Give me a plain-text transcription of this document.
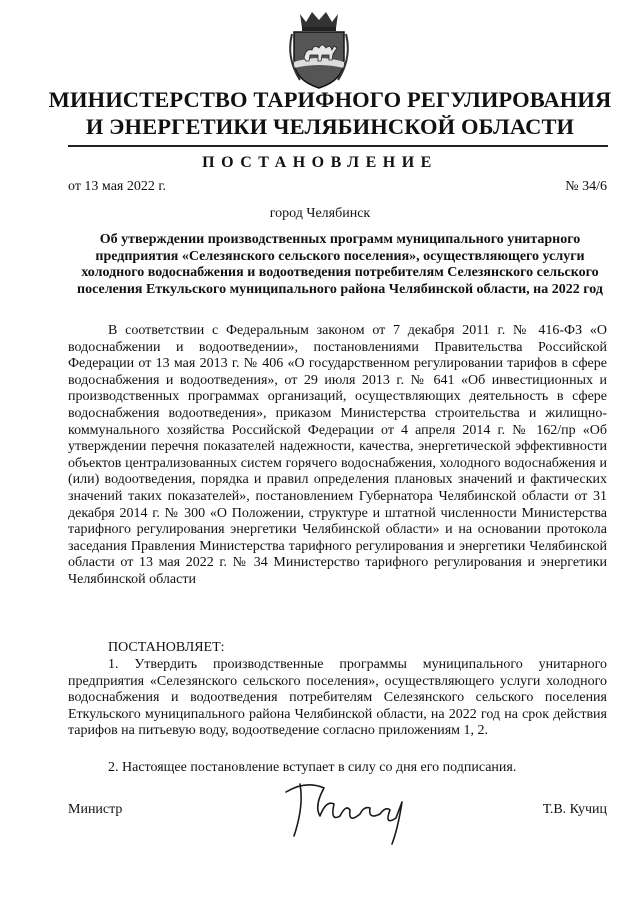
МИНИСТЕРСТВО ТАРИФНОГО РЕГУЛИРОВАНИЯ
И ЭНЕРГЕТИКИ ЧЕЛЯБИНСКОЙ ОБЛАСТИ
ПОСТАНОВЛЕНИЕ
от 13 мая 2022 г.	№ 34/6
город Челябинск
Об утверждении производственных программ муниципального унитарного предприятия «Селезянского сельского поселения», осуществляющего услуги холодного водоснабжения и водоотведения потребителям Селезянского сельского поселения Еткульского муниципального района Челябинской области, на 2022 год

В соответствии с Федеральным законом от 7 декабря 2011 г. № 416-ФЗ «О водоснабжении и водоотведении», постановлениями Правительства Российской Федерации от 13 мая 2013 г. № 406 «О государственном регулировании тарифов в сфере водоснабжения и водоотведения», от 29 июля 2013 г. № 641 «Об инвестиционных и производственных программах организаций, осуществляющих деятельность в сфере водоснабжения водоотведения», приказом Министерства строительства и жилищно-коммунального хозяйства Российской Федерации от 4 апреля 2014 г. № 162/пр «Об утверждении перечня показателей надежности, качества, энергетической эффективности объектов централизованных систем горячего водоснабжения, холодного водоснабжения и (или) водоотведения, порядка и правил определения плановых значений и фактических значений таких показателей», постановлением Губернатора Челябинской области от 31 декабря 2014 г. № 300 «О Положении, структуре и штатной численности Министерства тарифного регулирования энергетики Челябинской области» и на основании протокола заседания Правления Министерства тарифного регулирования и энергетики Челябинской области от 13 мая 2022 г. № 34 Министерство тарифного регулирования и энергетики Челябинской области

ПОСТАНОВЛЯЕТ:
1. Утвердить производственные программы муниципального унитарного предприятия «Селезянского сельского поселения», осуществляющего услуги холодного водоснабжения и водоотведения потребителям Селезянского сельского поселения Еткульского муниципального района Челябинской области, на 2022 год на срок действия тарифов на питьевую воду, водоотведение согласно приложениям 1, 2.
2. Настоящее постановление вступает в силу со дня его подписания.
Министр	Т.В. Кучиц
